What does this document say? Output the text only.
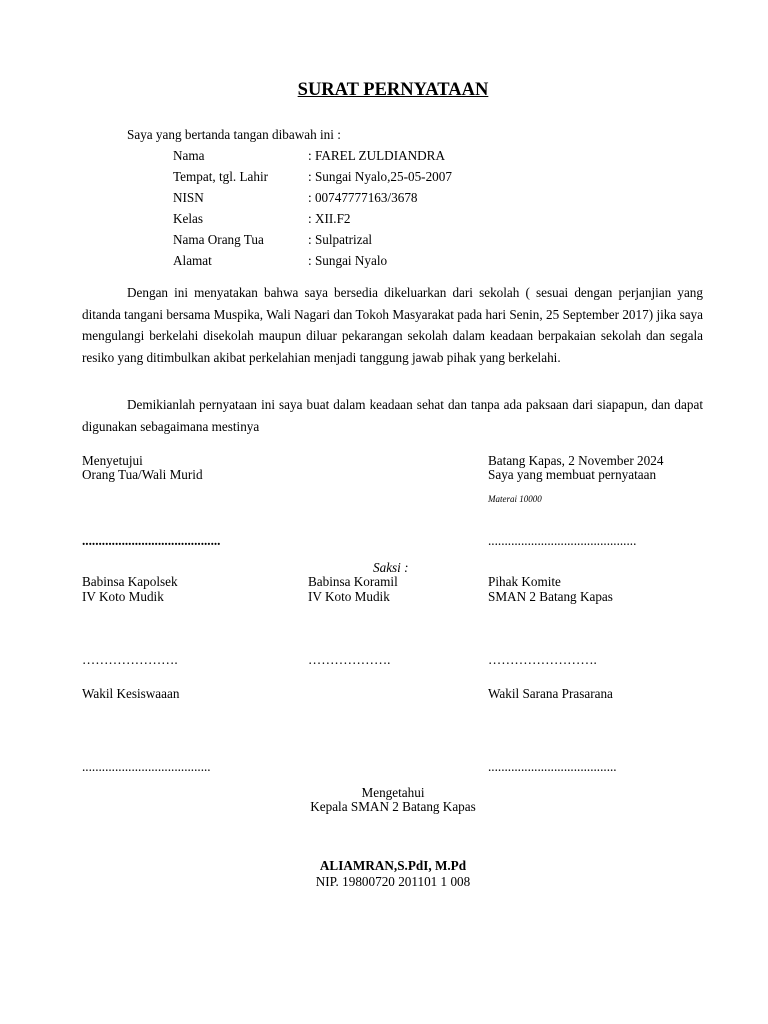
SURAT PERNYATAAN
Saya yang bertanda tangan dibawah ini :
Nama	: FAREL ZULDIANDRA
Tempat, tgl. Lahir	: Sungai Nyalo,25-05-2007
NISN	: 00747777163/3678
Kelas	: XII.F2
Nama Orang Tua	: Sulpatrizal
Alamat	: Sungai Nyalo
Dengan ini menyatakan bahwa saya bersedia dikeluarkan dari sekolah ( sesuai dengan perjanjian yang ditanda tangani bersama Muspika, Wali Nagari dan Tokoh Masyarakat pada hari Senin, 25 September 2017) jika saya mengulangi berkelahi disekolah maupun diluar pekarangan sekolah dalam keadaan berpakaian sekolah dan segala resiko yang ditimbulkan akibat perkelahian menjadi tanggung jawab pihak yang berkelahi.
Demikianlah pernyataan ini saya buat dalam keadaan sehat dan tanpa ada paksaan dari siapapun, dan dapat digunakan sebagaimana mestinya
Menyetujui
Orang Tua/Wali Murid
Batang Kapas, 2 November 2024
Saya yang membuat pernyataan
Materai 10000
..........................................	.............................................
Saksi :
Babinsa Kapolsek
IV Koto Mudik
Babinsa Koramil
IV Koto Mudik
Pihak Komite
SMAN 2 Batang Kapas
………………….	……………….	…………………….
Wakil Kesiswaaan	Wakil Sarana Prasarana
.......................................	.......................................
Mengetahui
Kepala SMAN 2 Batang Kapas
ALIAMRAN,S.PdI, M.Pd
NIP. 19800720 201101 1 008
